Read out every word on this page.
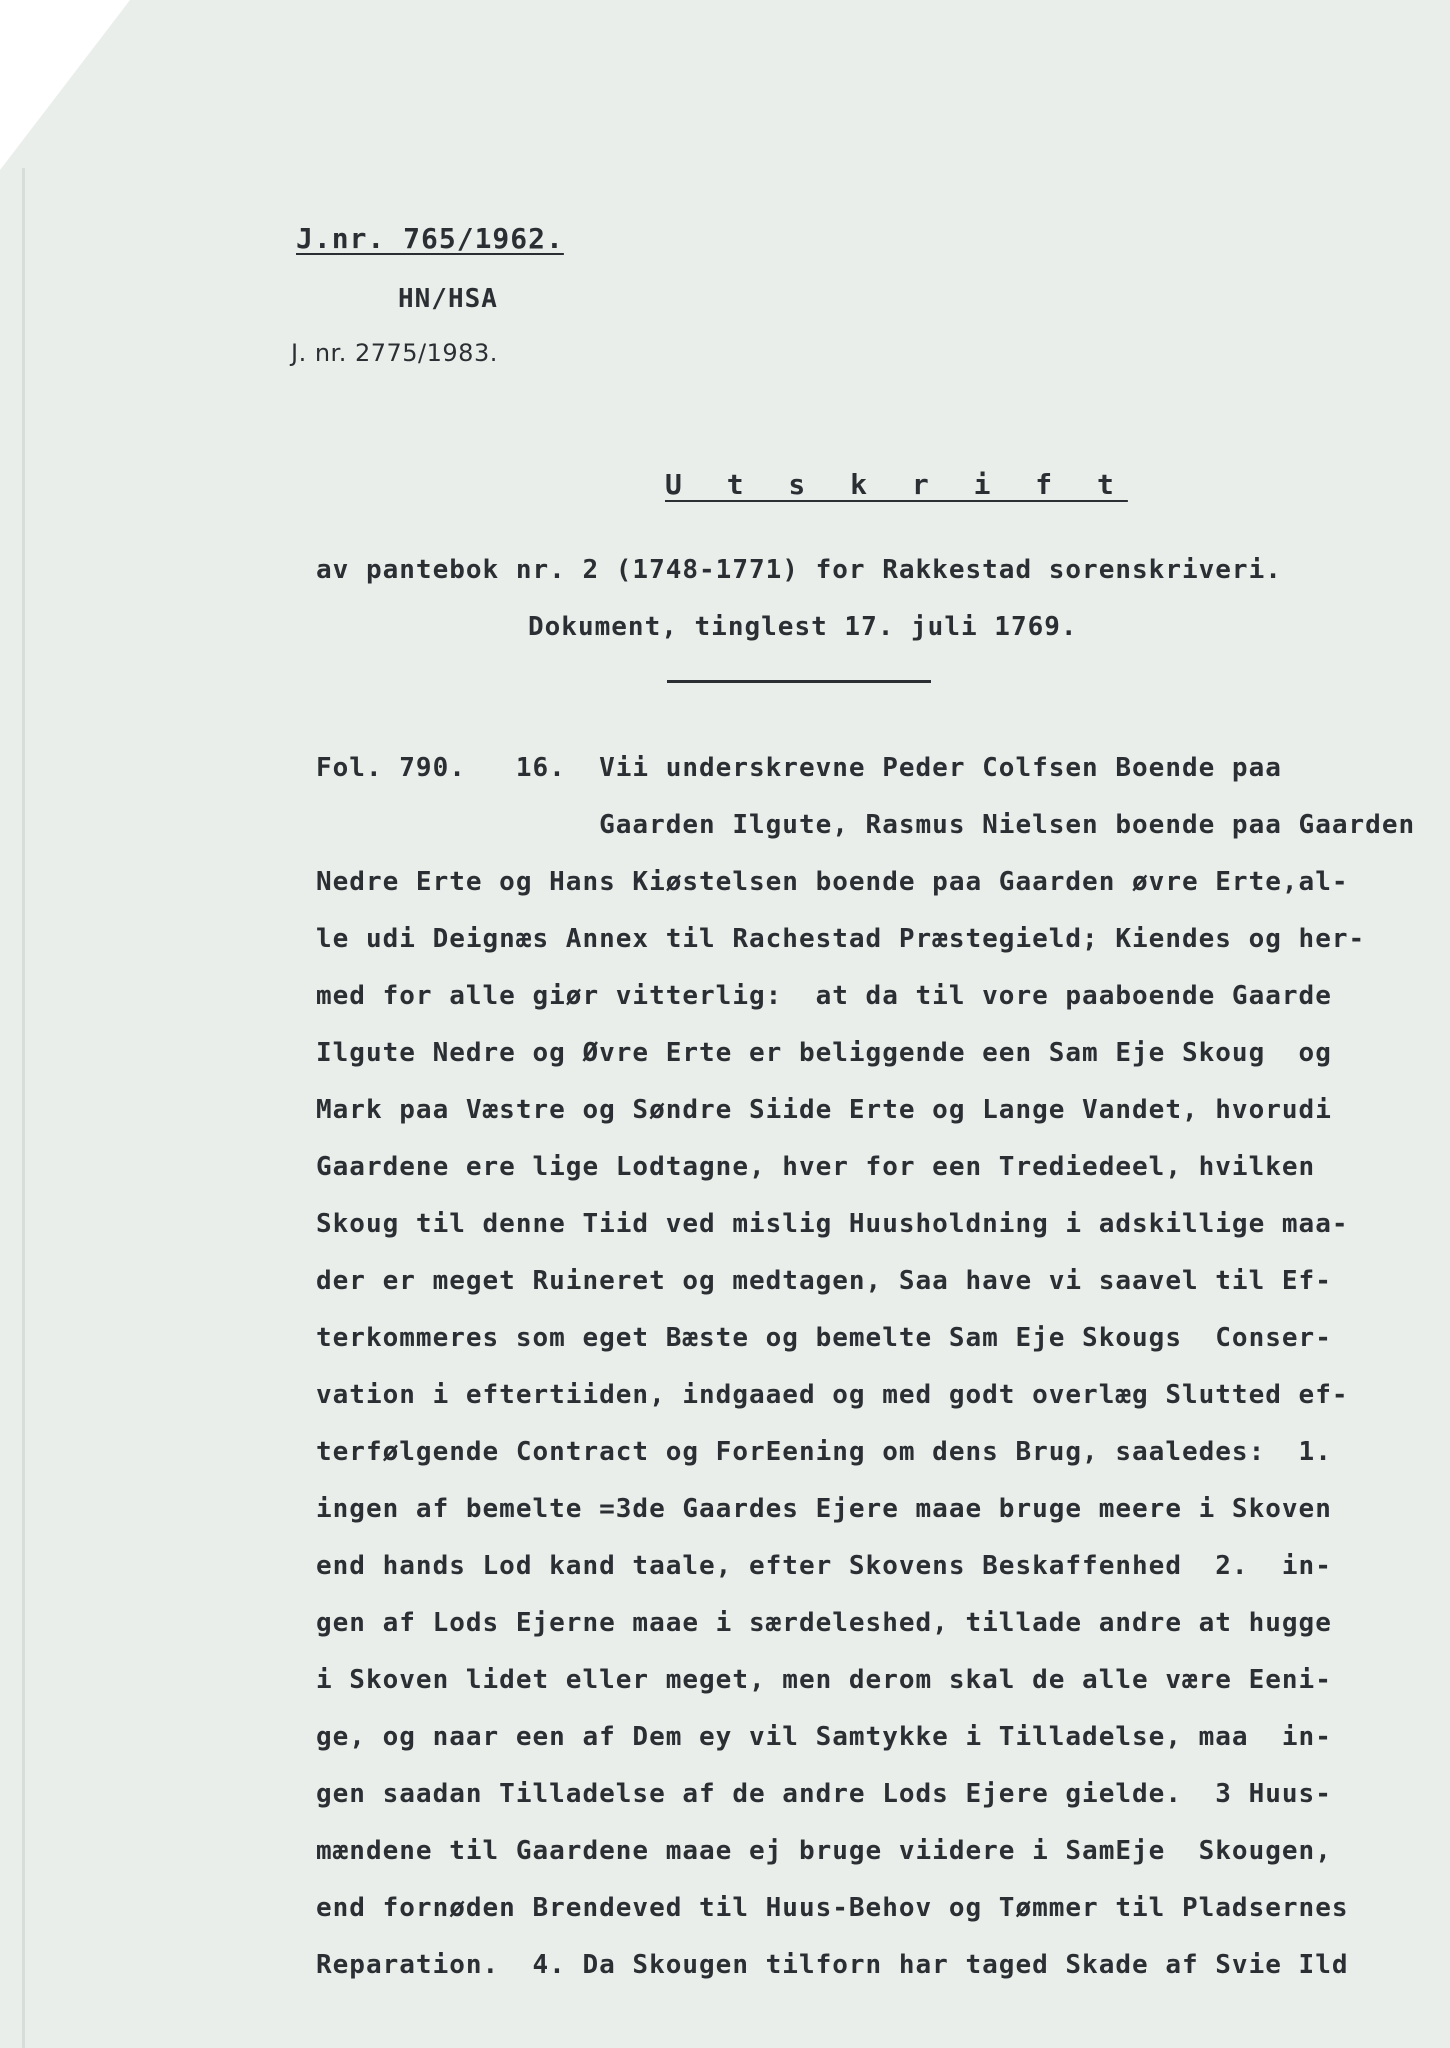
J.nr. 765/1962.
HN/HSA
J. nr. 2775/1983.
U t s k r i f t
av pantebok nr. 2 (1748-1771) for Rakkestad sorenskriveri.
Dokument, tinglest 17. juli 1769.
Fol. 790.   16.  Vii underskrevne Peder Colfsen Boende paa
Gaarden Ilgute, Rasmus Nielsen boende paa Gaarden
Nedre Erte og Hans Kiøstelsen boende paa Gaarden øvre Erte,al-
le udi Deignæs Annex til Rachestad Præstegield; Kiendes og her-
med for alle giør vitterlig:  at da til vore paaboende Gaarde
Ilgute Nedre og Øvre Erte er beliggende een Sam Eje Skoug  og
Mark paa Væstre og Søndre Siide Erte og Lange Vandet, hvorudi
Gaardene ere lige Lodtagne, hver for een Trediedeel, hvilken
Skoug til denne Tiid ved mislig Huusholdning i adskillige maa-
der er meget Ruineret og medtagen, Saa have vi saavel til Ef-
terkommeres som eget Bæste og bemelte Sam Eje Skougs  Conser-
vation i eftertiiden, indgaaed og med godt overlæg Slutted ef-
terfølgende Contract og ForEening om dens Brug, saaledes:  1.
ingen af bemelte =3de Gaardes Ejere maae bruge meere i Skoven
end hands Lod kand taale, efter Skovens Beskaffenhed  2.  in-
gen af Lods Ejerne maae i særdeleshed, tillade andre at hugge
i Skoven lidet eller meget, men derom skal de alle være Eeni-
ge, og naar een af Dem ey vil Samtykke i Tilladelse, maa  in-
gen saadan Tilladelse af de andre Lods Ejere gielde.  3 Huus-
mændene til Gaardene maae ej bruge viidere i SamEje  Skougen,
end fornøden Brendeved til Huus-Behov og Tømmer til Pladsernes
Reparation.  4. Da Skougen tilforn har taged Skade af Svie Ild
